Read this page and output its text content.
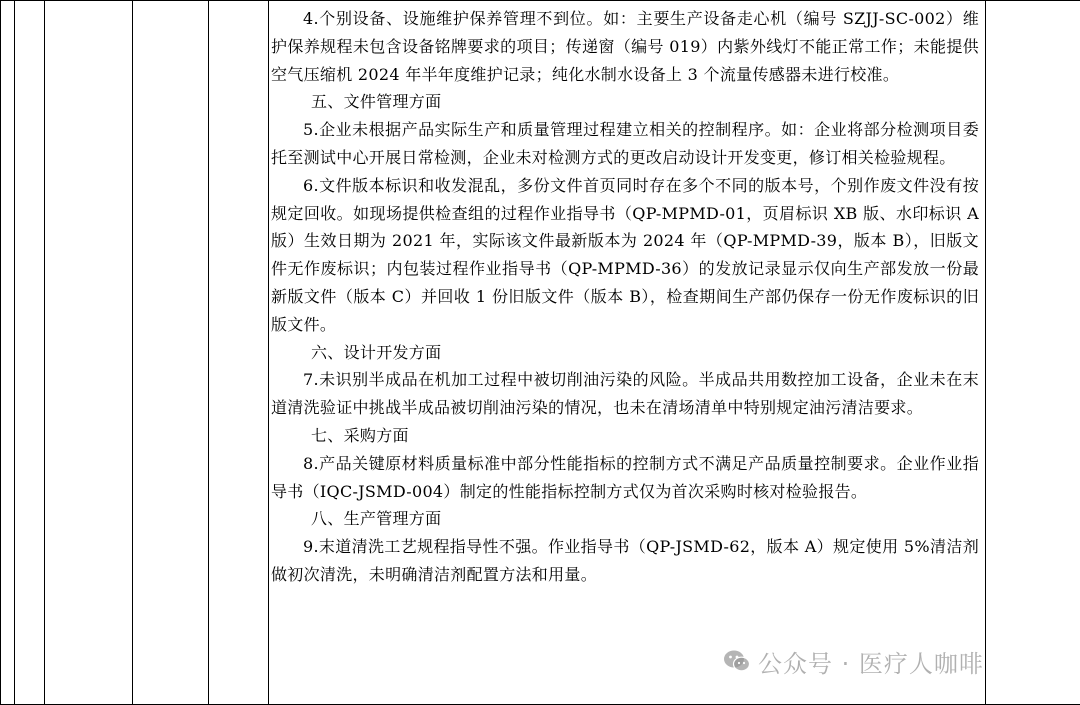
4.个别设备、设施维护保养管理不到位。如：主要生产设备走心机（编号 SZJJ-SC-002）维护保养规程未包含设备铭牌要求的项目；传递窗（编号 019）内紫外线灯不能正常工作；未能提供空气压缩机 2024 年半年度维护记录；纯化水制水设备上 3 个流量传感器未进行校准。

五、文件管理方面

5.企业未根据产品实际生产和质量管理过程建立相关的控制程序。如：企业将部分检测项目委托至测试中心开展日常检测，企业未对检测方式的更改启动设计开发变更，修订相关检验规程。

6.文件版本标识和收发混乱，多份文件首页同时存在多个不同的版本号，个别作废文件没有按规定回收。如现场提供检查组的过程作业指导书（QP-MPMD-01，页眉标识 XB 版、水印标识 A 版）生效日期为 2021 年，实际该文件最新版本为 2024 年（QP-MPMD-39，版本 B），旧版文件无作废标识；内包装过程作业指导书（QP-MPMD-36）的发放记录显示仅向生产部发放一份最新版文件（版本 C）并回收 1 份旧版文件（版本 B），检查期间生产部仍保存一份无作废标识的旧版文件。

六、设计开发方面

7.未识别半成品在机加工过程中被切削油污染的风险。半成品共用数控加工设备，企业未在末道清洗验证中挑战半成品被切削油污染的情况，也未在清场清单中特别规定油污清洁要求。

七、采购方面

8.产品关键原材料质量标准中部分性能指标的控制方式不满足产品质量控制要求。企业作业指导书（IQC-JSMD-004）制定的性能指标控制方式仅为首次采购时核对检验报告。

八、生产管理方面

9.末道清洗工艺规程指导性不强。作业指导书（QP-JSMD-62，版本 A）规定使用 5%清洁剂做初次清洗，未明确清洁剂配置方法和用量。

公众号 · 医疗人咖啡
